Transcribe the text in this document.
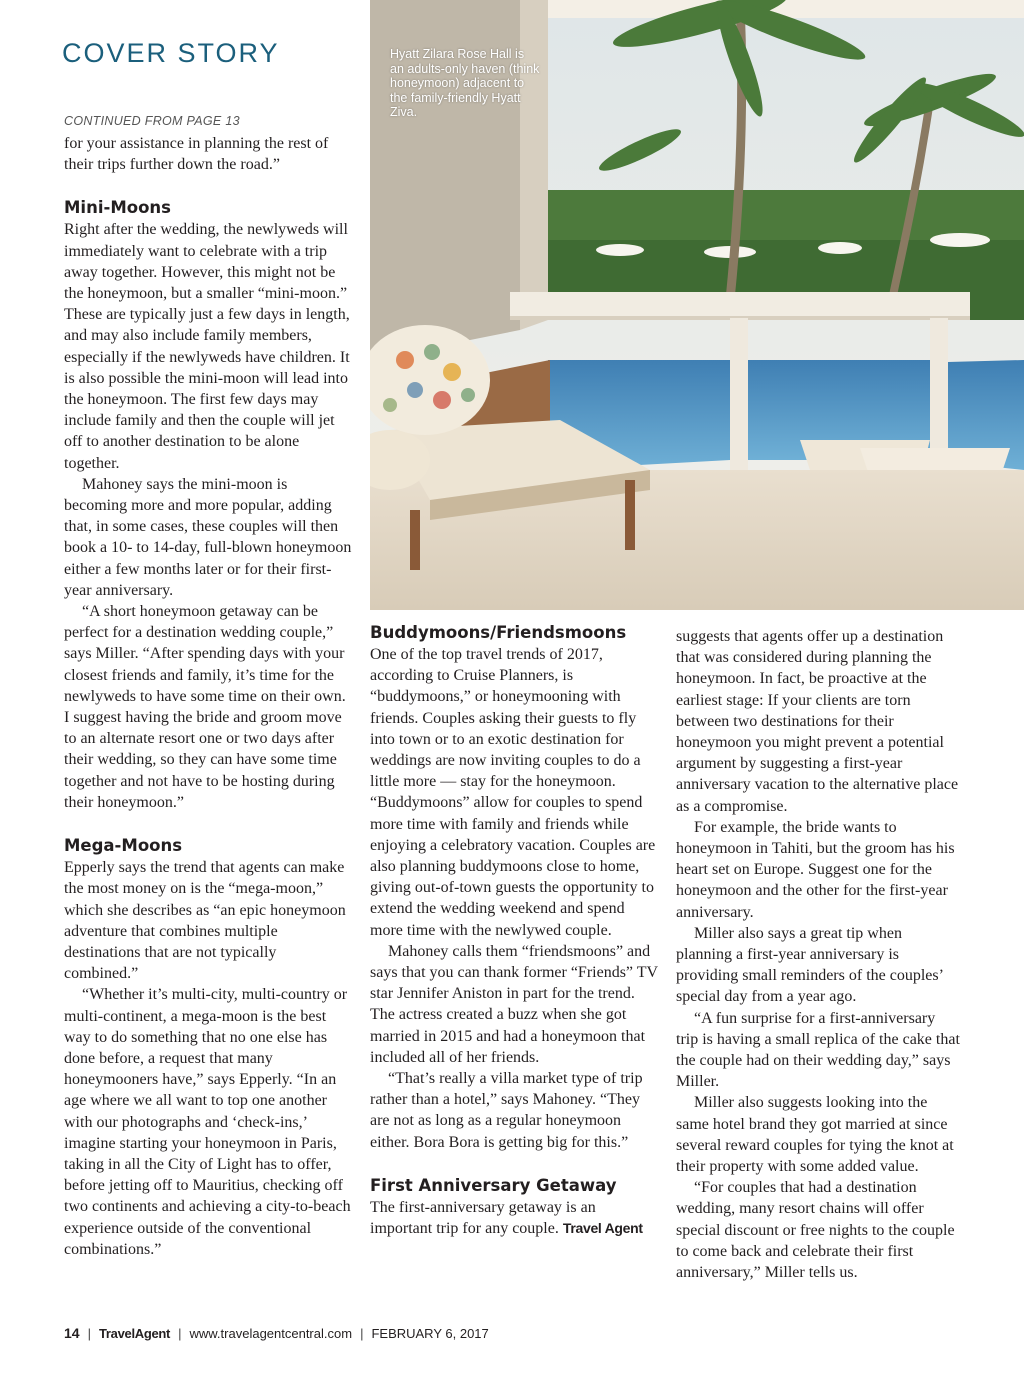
COVER STORY
CONTINUED FROM PAGE 13

for your assistance in planning the rest of their trips further down the road.”

Mini-Moons

Right after the wedding, the newlyweds will immediately want to celebrate with a trip away together. However, this might not be the honeymoon, but a smaller “mini-moon.” These are typically just a few days in length, and may also include family members, especially if the newlyweds have children. It is also possible the mini-moon will lead into the honeymoon. The first few days may include family and then the couple will jet off to another destination to be alone together.

Mahoney says the mini-moon is becoming more and more popular, adding that, in some cases, these couples will then book a 10- to 14-day, full-blown honeymoon either a few months later or for their first-year anniversary.

“A short honeymoon getaway can be perfect for a destination wedding couple,” says Miller. “After spending days with your closest friends and family, it’s time for the newlyweds to have some time on their own. I suggest having the bride and groom move to an alternate resort one or two days after their wedding, so they can have some time together and not have to be hosting during their honeymoon.”

Mega-Moons

Epperly says the trend that agents can make the most money on is the “mega-moon,” which she describes as “an epic honeymoon adventure that combines multiple destinations that are not typically combined.”

“Whether it’s multi-city, multi-country or multi-continent, a mega-moon is the best way to do something that no one else has done before, a request that many honeymooners have,” says Epperly. “In an age where we all want to top one another with our photographs and ‘check-ins,’ imagine starting your honeymoon in Paris, taking in all the City of Light has to offer, before jetting off to Mauritius, checking off two continents and achieving a city-to-beach experience outside of the conventional combinations.”

Hyatt Zilara Rose Hall is an adults-only haven (think honeymoon) adjacent to the family-friendly Hyatt Ziva.
Buddymoons/Friendsmoons

One of the top travel trends of 2017, according to Cruise Planners, is “buddymoons,” or honeymooning with friends. Couples asking their guests to fly into town or to an exotic destination for weddings are now inviting couples to do a little more — stay for the honeymoon. “Buddymoons” allow for couples to spend more time with family and friends while enjoying a celebratory vacation. Couples are also planning buddymoons close to home, giving out-of-town guests the opportunity to extend the wedding weekend and spend more time with the newlywed couple.

Mahoney calls them “friendsmoons” and says that you can thank former “Friends” TV star Jennifer Aniston in part for the trend. The actress created a buzz when she got married in 2015 and had a honeymoon that included all of her friends.

“That’s really a villa market type of trip rather than a hotel,” says Mahoney. “They are not as long as a regular honeymoon either. Bora Bora is getting big for this.”

First Anniversary Getaway

The first-anniversary getaway is an important trip for any couple. Travel Agent

suggests that agents offer up a destination that was considered during planning the honeymoon. In fact, be proactive at the earliest stage: If your clients are torn between two destinations for their honeymoon you might prevent a potential argument by suggesting a first-year anniversary vacation to the alternative place as a compromise.

For example, the bride wants to honeymoon in Tahiti, but the groom has his heart set on Europe. Suggest one for the honeymoon and the other for the first-year anniversary.

Miller also says a great tip when planning a first-year anniversary is providing small reminders of the couples’ special day from a year ago.

“A fun surprise for a first-anniversary trip is having a small replica of the cake that the couple had on their wedding day,” says Miller.

Miller also suggests looking into the same hotel brand they got married at since several reward couples for tying the knot at their property with some added value.

“For couples that had a destination wedding, many resort chains will offer special discount or free nights to the couple to come back and celebrate their first anniversary,” Miller tells us.

14 | TravelAgent | www.travelagentcentral.com | FEBRUARY 6, 2017
